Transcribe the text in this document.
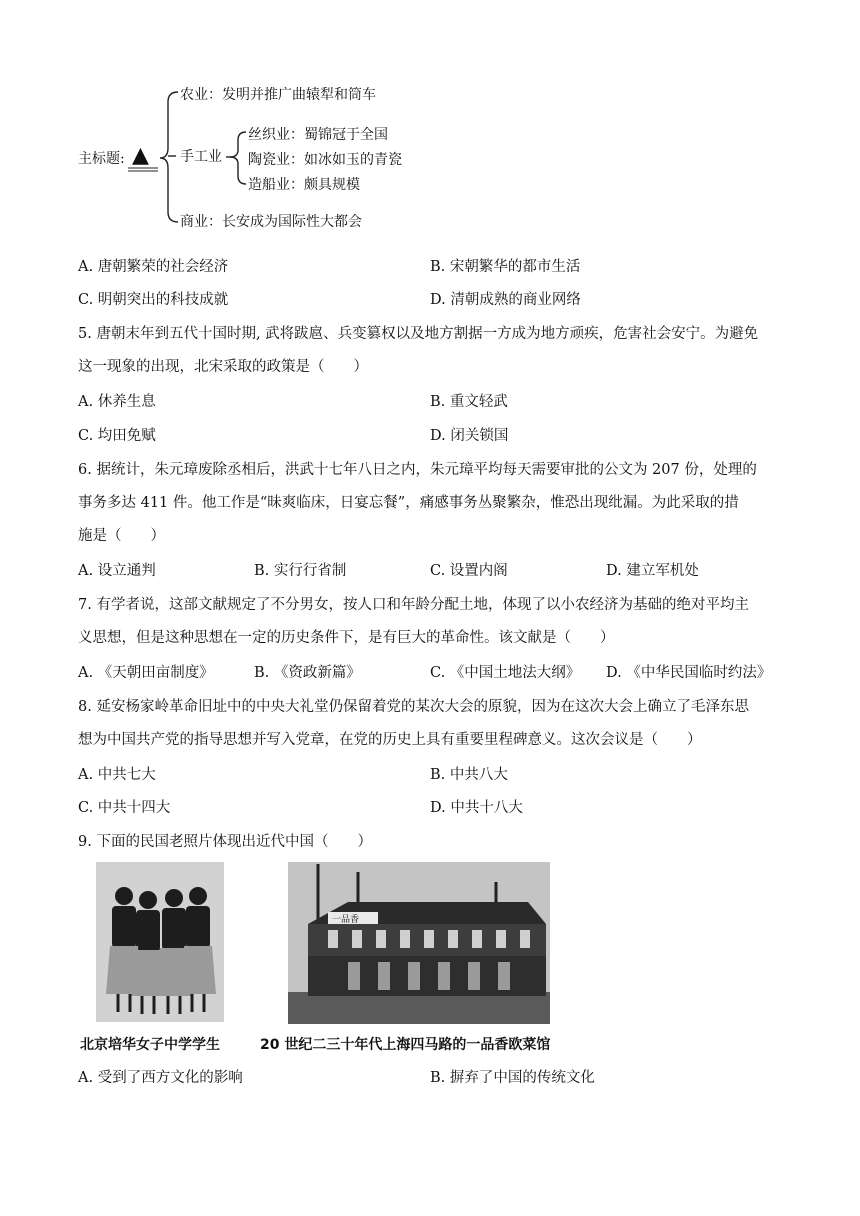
主标题: ▲
农业：发明并推广曲辕犁和筒车
手工业
丝织业：蜀锦冠于全国
陶瓷业：如冰如玉的青瓷
造船业：颇具规模
商业：长安成为国际性大都会
A. 唐朝繁荣的社会经济	B. 宋朝繁华的都市生活
C. 明朝突出的科技成就	D. 清朝成熟的商业网络
5. 唐朝末年到五代十国时期, 武将跋扈、兵变篡权以及地方割据一方成为地方顽疾，危害社会安宁。为避免
这一现象的出现，北宋采取的政策是（　　）
A. 休养生息	B. 重文轻武
C. 均田免赋	D. 闭关锁国
6. 据统计，朱元璋废除丞相后，洪武十七年八日之内，朱元璋平均每天需要审批的公文为 207 份，处理的
事务多达 411 件。他工作是“昧爽临床，日宴忘餐”，痛感事务丛聚繁杂，惟恐出现纰漏。为此采取的措
施是（　　）
A. 设立通判	B. 实行行省制	C. 设置内阁	D. 建立军机处
7. 有学者说，这部文献规定了不分男女，按人口和年龄分配土地，体现了以小农经济为基础的绝对平均主
义思想，但是这种思想在一定的历史条件下，是有巨大的革命性。该文献是（　　）
A. 《天朝田亩制度》	B. 《资政新篇》	C. 《中国土地法大纲》 D. 《中华民国临时约法》
8. 延安杨家岭革命旧址中的中央大礼堂仍保留着党的某次大会的原貌，因为在这次大会上确立了毛泽东思
想为中国共产党的指导思想并写入党章，在党的历史上具有重要里程碑意义。这次会议是（　　）
A. 中共七大	B. 中共八大
C. 中共十四大	D. 中共十八大
9. 下面的民国老照片体现出近代中国（　　）
一品香
北京培华女子中学学生	20 世纪二三十年代上海四马路的一品香欧菜馆
A. 受到了西方文化的影响	B. 摒弃了中国的传统文化
